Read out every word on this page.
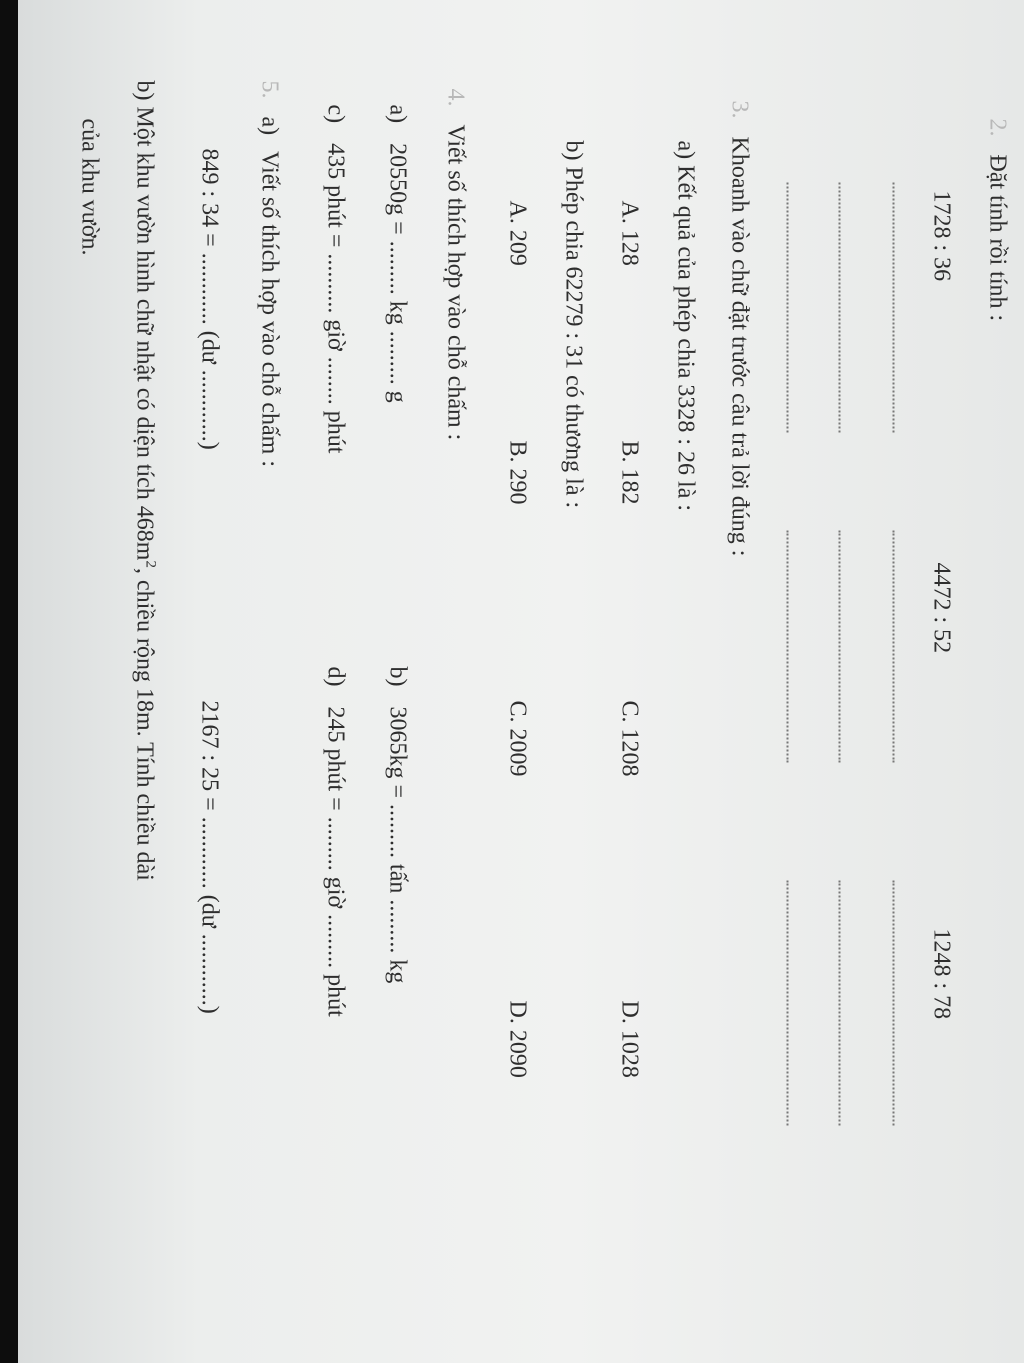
2. Đặt tính rồi tính :
1728 : 36
4472 : 52
1248 : 78
3. Khoanh vào chữ đặt trước câu trả lời đúng :
a) Kết quả của phép chia 3328 : 26 là :
A. 128
B. 182
C. 1208
D. 1028
b) Phép chia 62279 : 31 có thương là :
A. 209
B. 290
C. 2009
D. 2090
4. Viết số thích hợp vào chỗ chấm :
a) 20550g = ......... kg ......... g
b) 3065kg = ......... tấn ......... kg
c) 435 phút = .......... giờ ........ phút
d) 245 phút = ......... giờ ......... phút
5. a) Viết số thích hợp vào chỗ chấm :
849 : 34 = ............ (dư ............)
2167 : 25 = ............ (dư ............)
b) Một khu vườn hình chữ nhật có diện tích $468m^2$, chiều rộng 18m. Tính chiều dài
của khu vườn.
